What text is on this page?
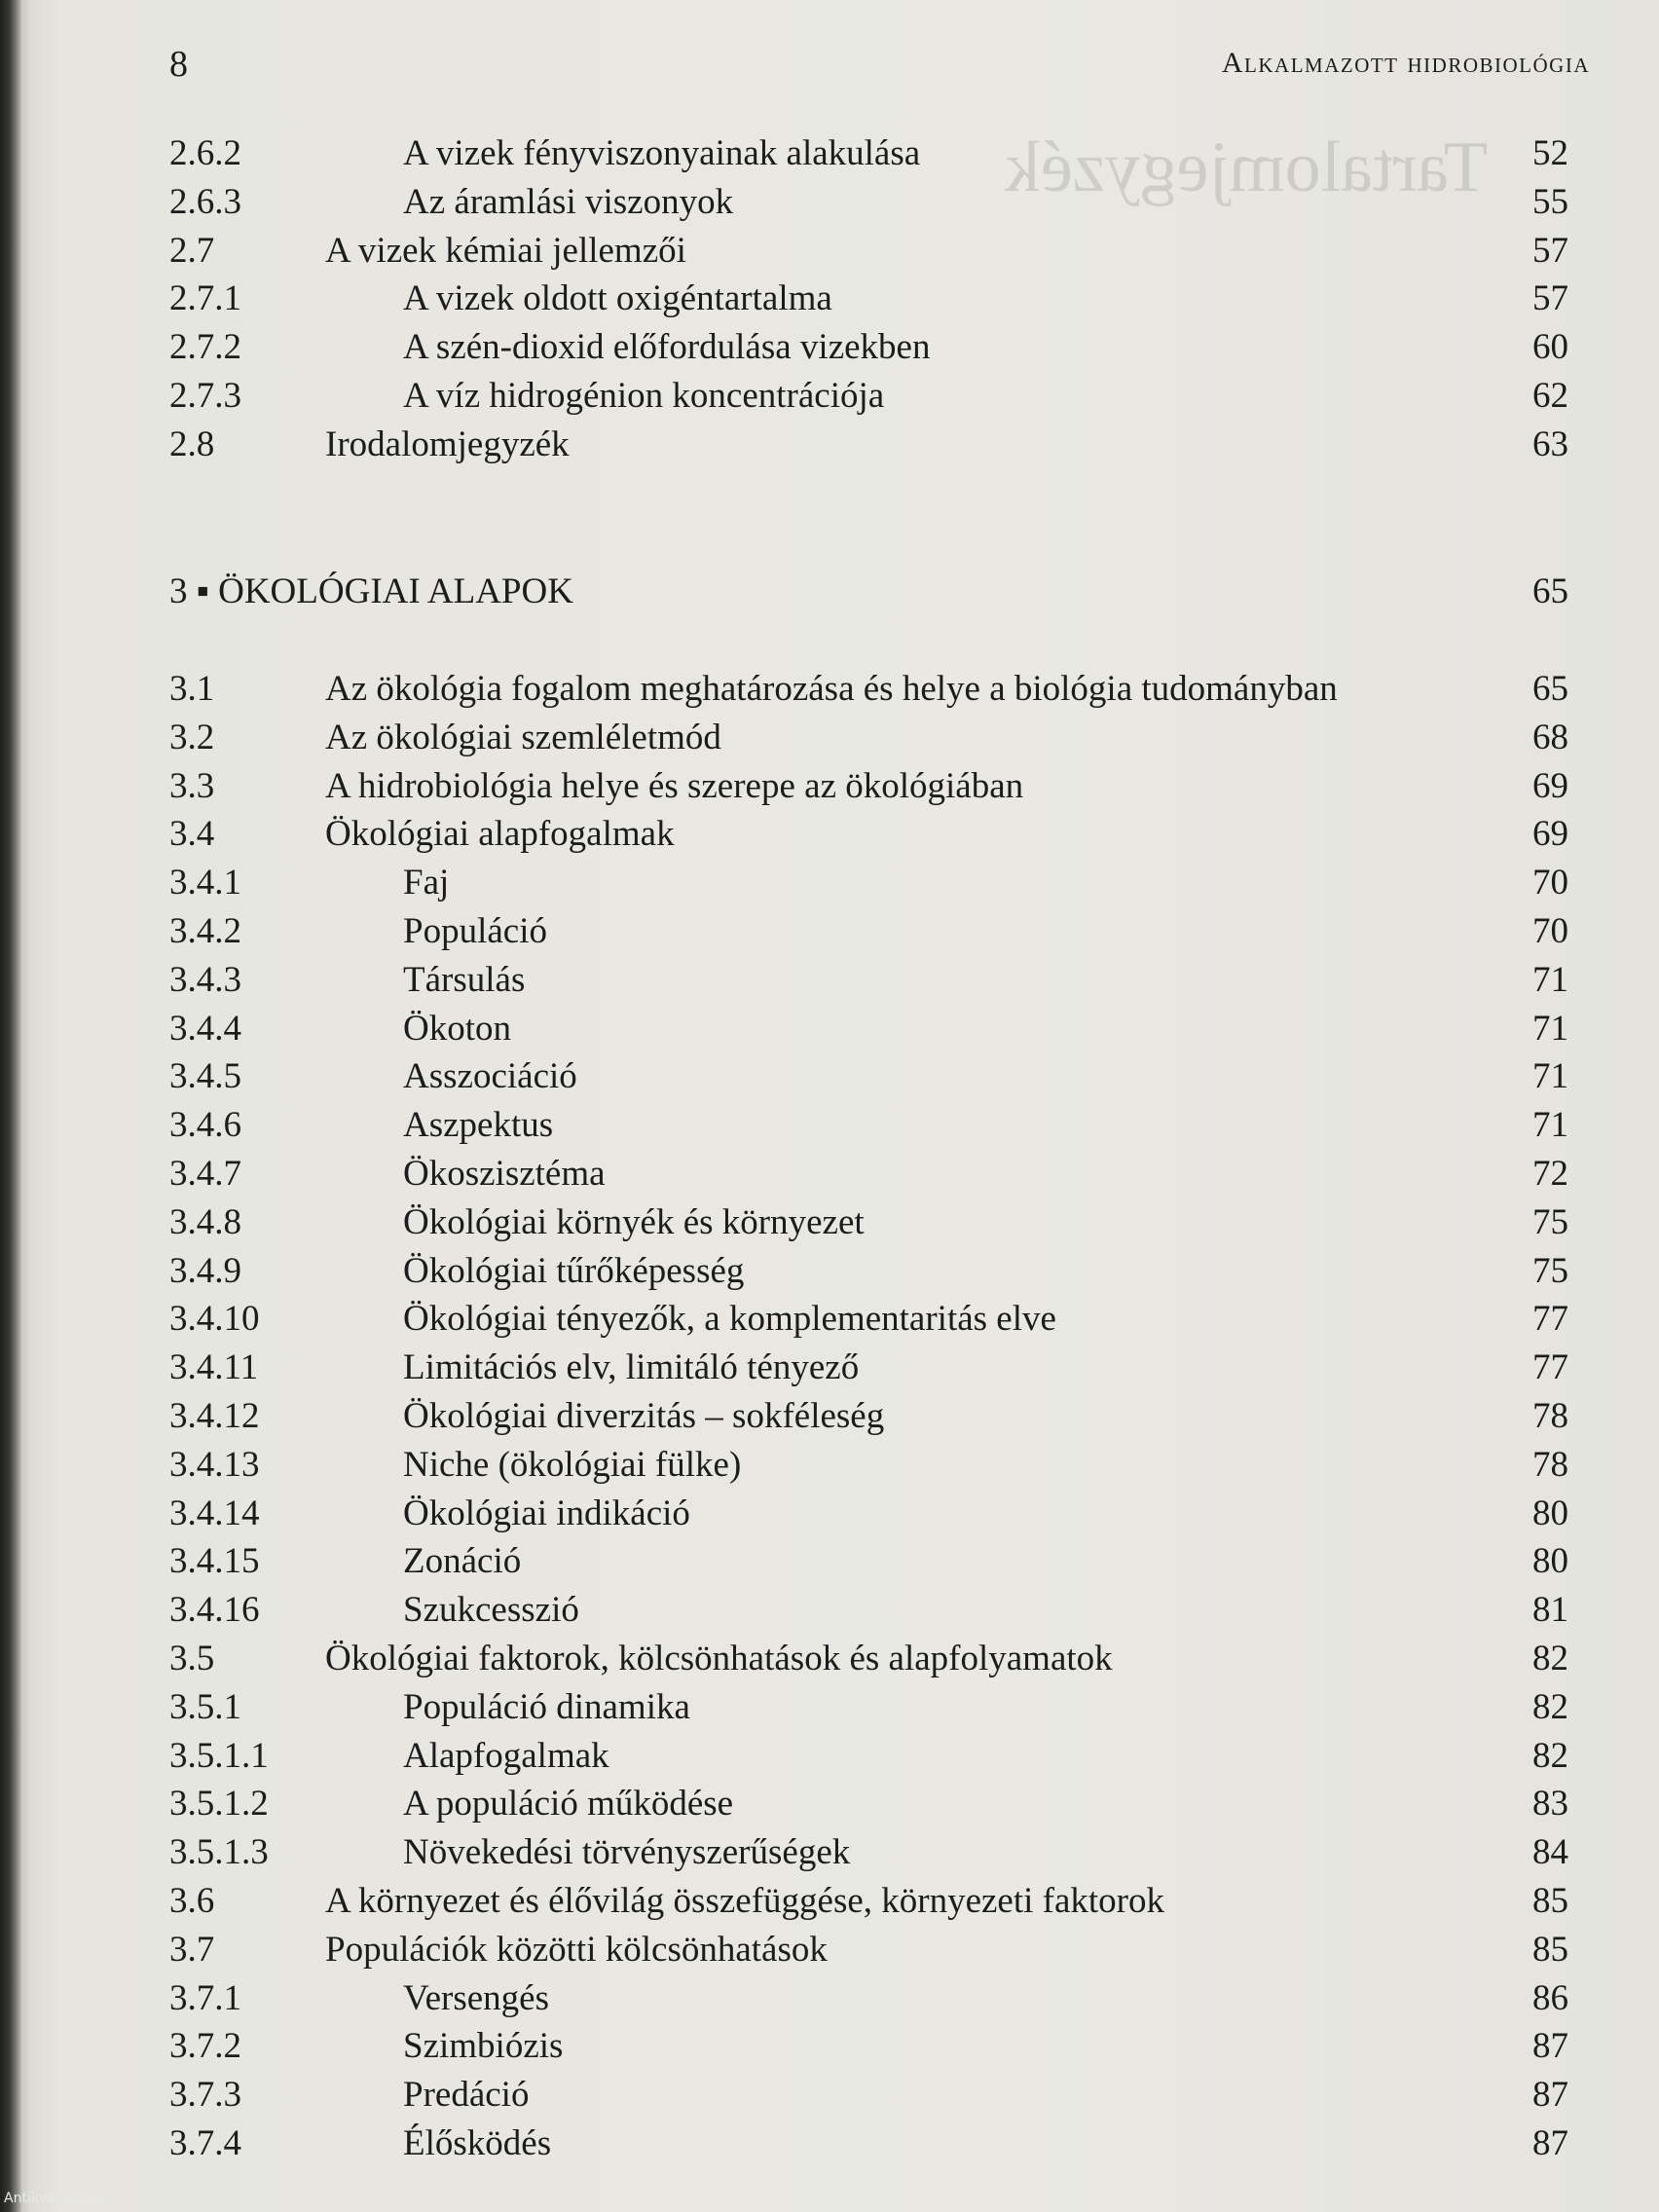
Tartalomjegyzék
8	Alkalmazott hidrobiológia
2.6.2	A vizek fényviszonyainak alakulása	52
2.6.3	Az áramlási viszonyok	55
2.7	A vizek kémiai jellemzői	57
2.7.1	A vizek oldott oxigéntartalma	57
2.7.2	A szén-dioxid előfordulása vizekben	60
2.7.3	A víz hidrogénion koncentrációja	62
2.8	Irodalomjegyzék	63
3 ▪ ÖKOLÓGIAI ALAPOK	65
3.1	Az ökológia fogalom meghatározása és helye a biológia tudományban	65
3.2	Az ökológiai szemléletmód	68
3.3	A hidrobiológia helye és szerepe az ökológiában	69
3.4	Ökológiai alapfogalmak	69
3.4.1	Faj	70
3.4.2	Populáció	70
3.4.3	Társulás	71
3.4.4	Ökoton	71
3.4.5	Asszociáció	71
3.4.6	Aszpektus	71
3.4.7	Ökoszisztéma	72
3.4.8	Ökológiai környék és környezet	75
3.4.9	Ökológiai tűrőképesség	75
3.4.10	Ökológiai tényezők, a komplementaritás elve	77
3.4.11	Limitációs elv, limitáló tényező	77
3.4.12	Ökológiai diverzitás – sokféleség	78
3.4.13	Niche (ökológiai fülke)	78
3.4.14	Ökológiai indikáció	80
3.4.15	Zonáció	80
3.4.16	Szukcesszió	81
3.5	Ökológiai faktorok, kölcsönhatások és alapfolyamatok	82
3.5.1	Populáció dinamika	82
3.5.1.1	Alapfogalmak	82
3.5.1.2	A populáció működése	83
3.5.1.3	Növekedési törvényszerűségek	84
3.6	A környezet és élővilág összefüggése, környezeti faktorok	85
3.7	Populációk közötti kölcsönhatások	85
3.7.1	Versengés	86
3.7.2	Szimbiózis	87
3.7.3	Predáció	87
3.7.4	Élősködés	87
Antikvarium.hu
